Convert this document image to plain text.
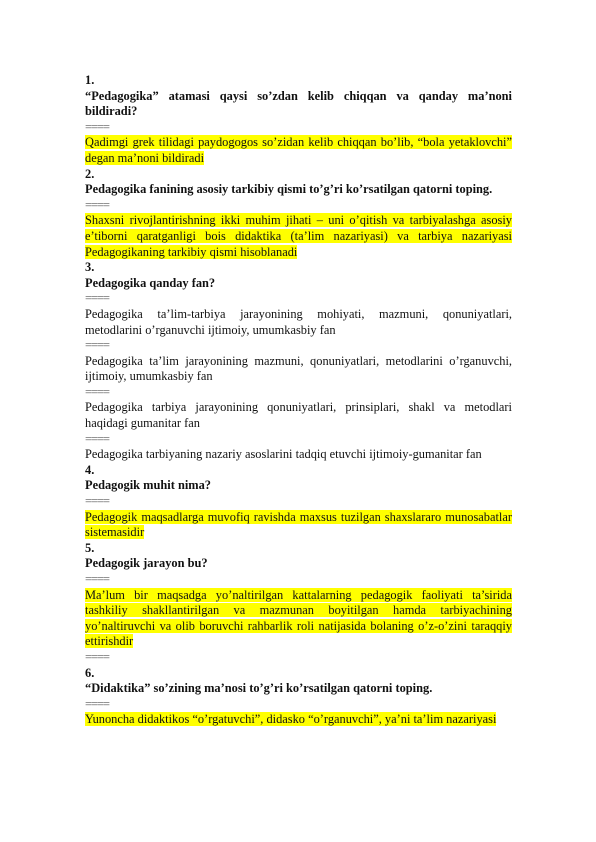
1.
“Pedagogika” atamasi qaysi so’zdan kelib chiqqan va qanday ma’noni bildiradi?
====
Qadimgi grek tilidagi paydogogos so’zidan kelib chiqqan bo’lib, “bola yetaklovchi” degan ma’noni bildiradi
2.
Pedagogika fanining asosiy tarkibiy qismi to’g’ri ko’rsatilgan qatorni toping.
====
Shaxsni rivojlantirishning ikki muhim jihati – uni o’qitish va tarbiyalashga asosiy e’tiborni qaratganligi bois didaktika (ta’lim nazariyasi) va tarbiya nazariyasi Pedagogikaning tarkibiy qismi hisoblanadi
3.
Pedagogika qanday fan?
====
Pedagogika ta’lim-tarbiya jarayonining mohiyati, mazmuni, qonuniyatlari, metodlarini o’rganuvchi ijtimoiy, umumkasbiy fan
====
Pedagogika ta’lim jarayonining mazmuni, qonuniyatlari, metodlarini o’rganuvchi, ijtimoiy, umumkasbiy fan
====
Pedagogika tarbiya jarayonining qonuniyatlari, prinsiplari, shakl va metodlari haqidagi gumanitar fan
====
Pedagogika tarbiyaning nazariy asoslarini tadqiq etuvchi ijtimoiy-gumanitar fan
4.
Pedagogik muhit nima?
====
Pedagogik maqsadlarga muvofiq ravishda maxsus tuzilgan shaxslararo munosabatlar sistemasidir
5.
Pedagogik jarayon bu?
====
Ma’lum bir maqsadga yo’naltirilgan kattalarning pedagogik faoliyati ta’sirida tashkiliy shakllantirilgan va mazmunan boyitilgan hamda tarbiyachining yo’naltiruvchi va olib boruvchi rahbarlik roli natijasida bolaning o’z-o’zini taraqqiy ettirishdir
====
6.
“Didaktika” so’zining ma’nosi to’g’ri ko’rsatilgan qatorni toping.
====
Yunoncha didaktikos “o’rgatuvchi”, didasko “o’rganuvchi”, ya’ni ta’lim nazariyasi
